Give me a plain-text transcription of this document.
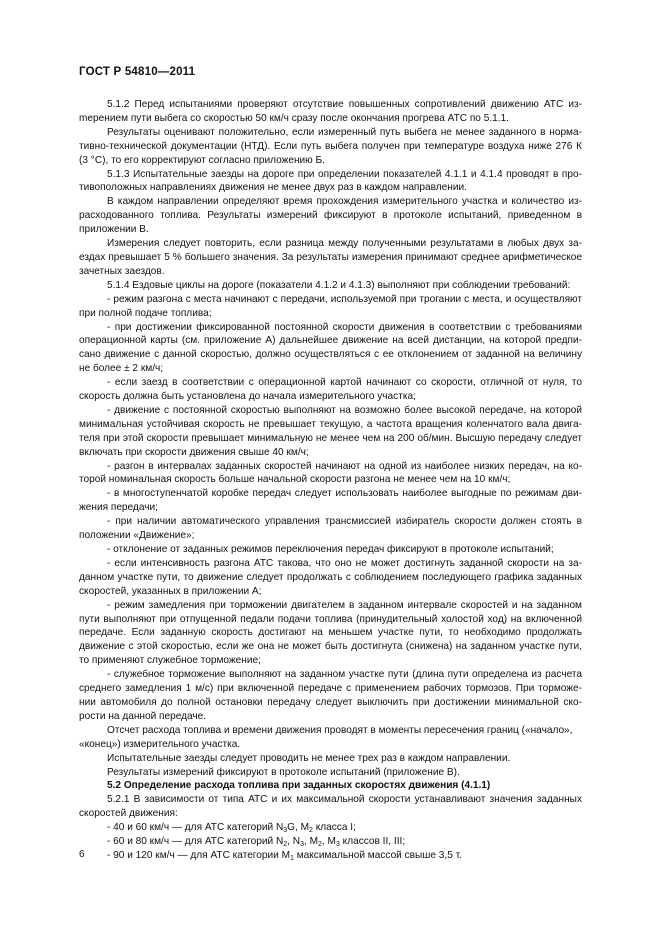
ГОСТ Р 54810—2011

5.1.2 Перед испытаниями проверяют отсутствие повышенных сопротивлений движению АТС изmерением пути выбега со скоростью 50 км/ч сразу после окончания прогрева АТС по 5.1.1.

Результаты оценивают положительно, если измеренный путь выбега не менее заданного в нормативно-технической документации (НТД). Если путь выбега получен при температуре воздуха ниже 276 К (3 °С), то его корректируют согласно приложению Б.

5.1.3 Испытательные заезды на дороге при определении показателей 4.1.1 и 4.1.4 проводят в противоположных направлениях движения не менее двух раз в каждом направлении.

В каждом направлении определяют время прохождения измерительного участка и количество израсходованного топлива. Результаты измерений фиксируют в протоколе испытаний, приведенном в приложении В.

Измерения следует повторить, если разница между полученными результатами в любых двух заездах превышает 5 % большего значения. За результаты измерения принимают среднее арифметическое зачетных заездов.

5.1.4 Ездовые циклы на дороге (показатели 4.1.2 и 4.1.3) выполняют при соблюдении требований:

- режим разгона с места начинают с передачи, используемой при трогании с места, и осуществляют при полной подаче топлива;

- при достижении фиксированной постоянной скорости движения в соответствии с требованиями операционной карты (см. приложение А) дальнейшее движение на всей дистанции, на которой предписано движение с данной скоростью, должно осуществляться с ее отклонением от заданной на величину не более ± 2 км/ч;

- если заезд в соответствии с операционной картой начинают со скорости, отличной от нуля, то скорость должна быть установлена до начала измерительного участка;

- движение с постоянной скоростью выполняют на возможно более высокой передаче, на которой минимальная устойчивая скорость не превышает текущую, а частота вращения коленчатого вала двигателя при этой скорости превышает минимальную не менее чем на 200 об/мин. Высшую передачу следует включать при скорости движения свыше 40 км/ч;

- разгон в интервалах заданных скоростей начинают на одной из наиболее низких передач, на которой номинальная скорость больше начальной скорости разгона не менее чем на 10 км/ч;

- в многоступенчатой коробке передач следует использовать наиболее выгодные по режимам движения передачи;

- при наличии автоматического управления трансмиссией избиратель скорости должен стоять в положении «Движение»;

- отклонение от заданных режимов переключения передач фиксируют в протоколе испытаний;

- если интенсивность разгона АТС такова, что оно не может достигнуть заданной скорости на заданном участке пути, то движение следует продолжать с соблюдением последующего графика заданных скоростей, указанных в приложении А;

- режим замедления при торможении двигателем в заданном интервале скоростей и на заданном пути выполняют при отпущенной педали подачи топлива (принудительный холостой ход) на включенной передаче. Если заданную скорость достигают на меньшем участке пути, то необходимо продолжать движение с этой скоростью, если же она не может быть достигнута (снижена) на заданном участке пути, то применяют служебное торможение;

- служебное торможение выполняют на заданном участке пути (длина пути определена из расчета среднего замедления 1 м/с) при включенной передаче с применением рабочих тормозов. При торможении автомобиля до полной остановки передачу следует выключить при достижении минимальной скорости на данной передаче.

Отсчет расхода топлива и времени движения проводят в моменты пересечения границ («начало»,

«конец») измерительного участка.

Испытательные заезды следует проводить не менее трех раз в каждом направлении.

Результаты измерений фиксируют в протоколе испытаний (приложение В).

5.2 Определение расхода топлива при заданных скоростях движения (4.1.1)

5.2.1 В зависимости от типа АТС и их максимальной скорости устанавливают значения заданных скоростей движения:

- 40 и 60 км/ч — для АТС категорий $N_3G$, $M_2$ класса I;

- 60 и 80 км/ч — для АТС категорий $N_2$, $N_3$, $M_2$, $M_3$ классов II, III;

- 90 и 120 км/ч — для АТС категории $M_1$ максимальной массой свыше 3,5 т.

6
